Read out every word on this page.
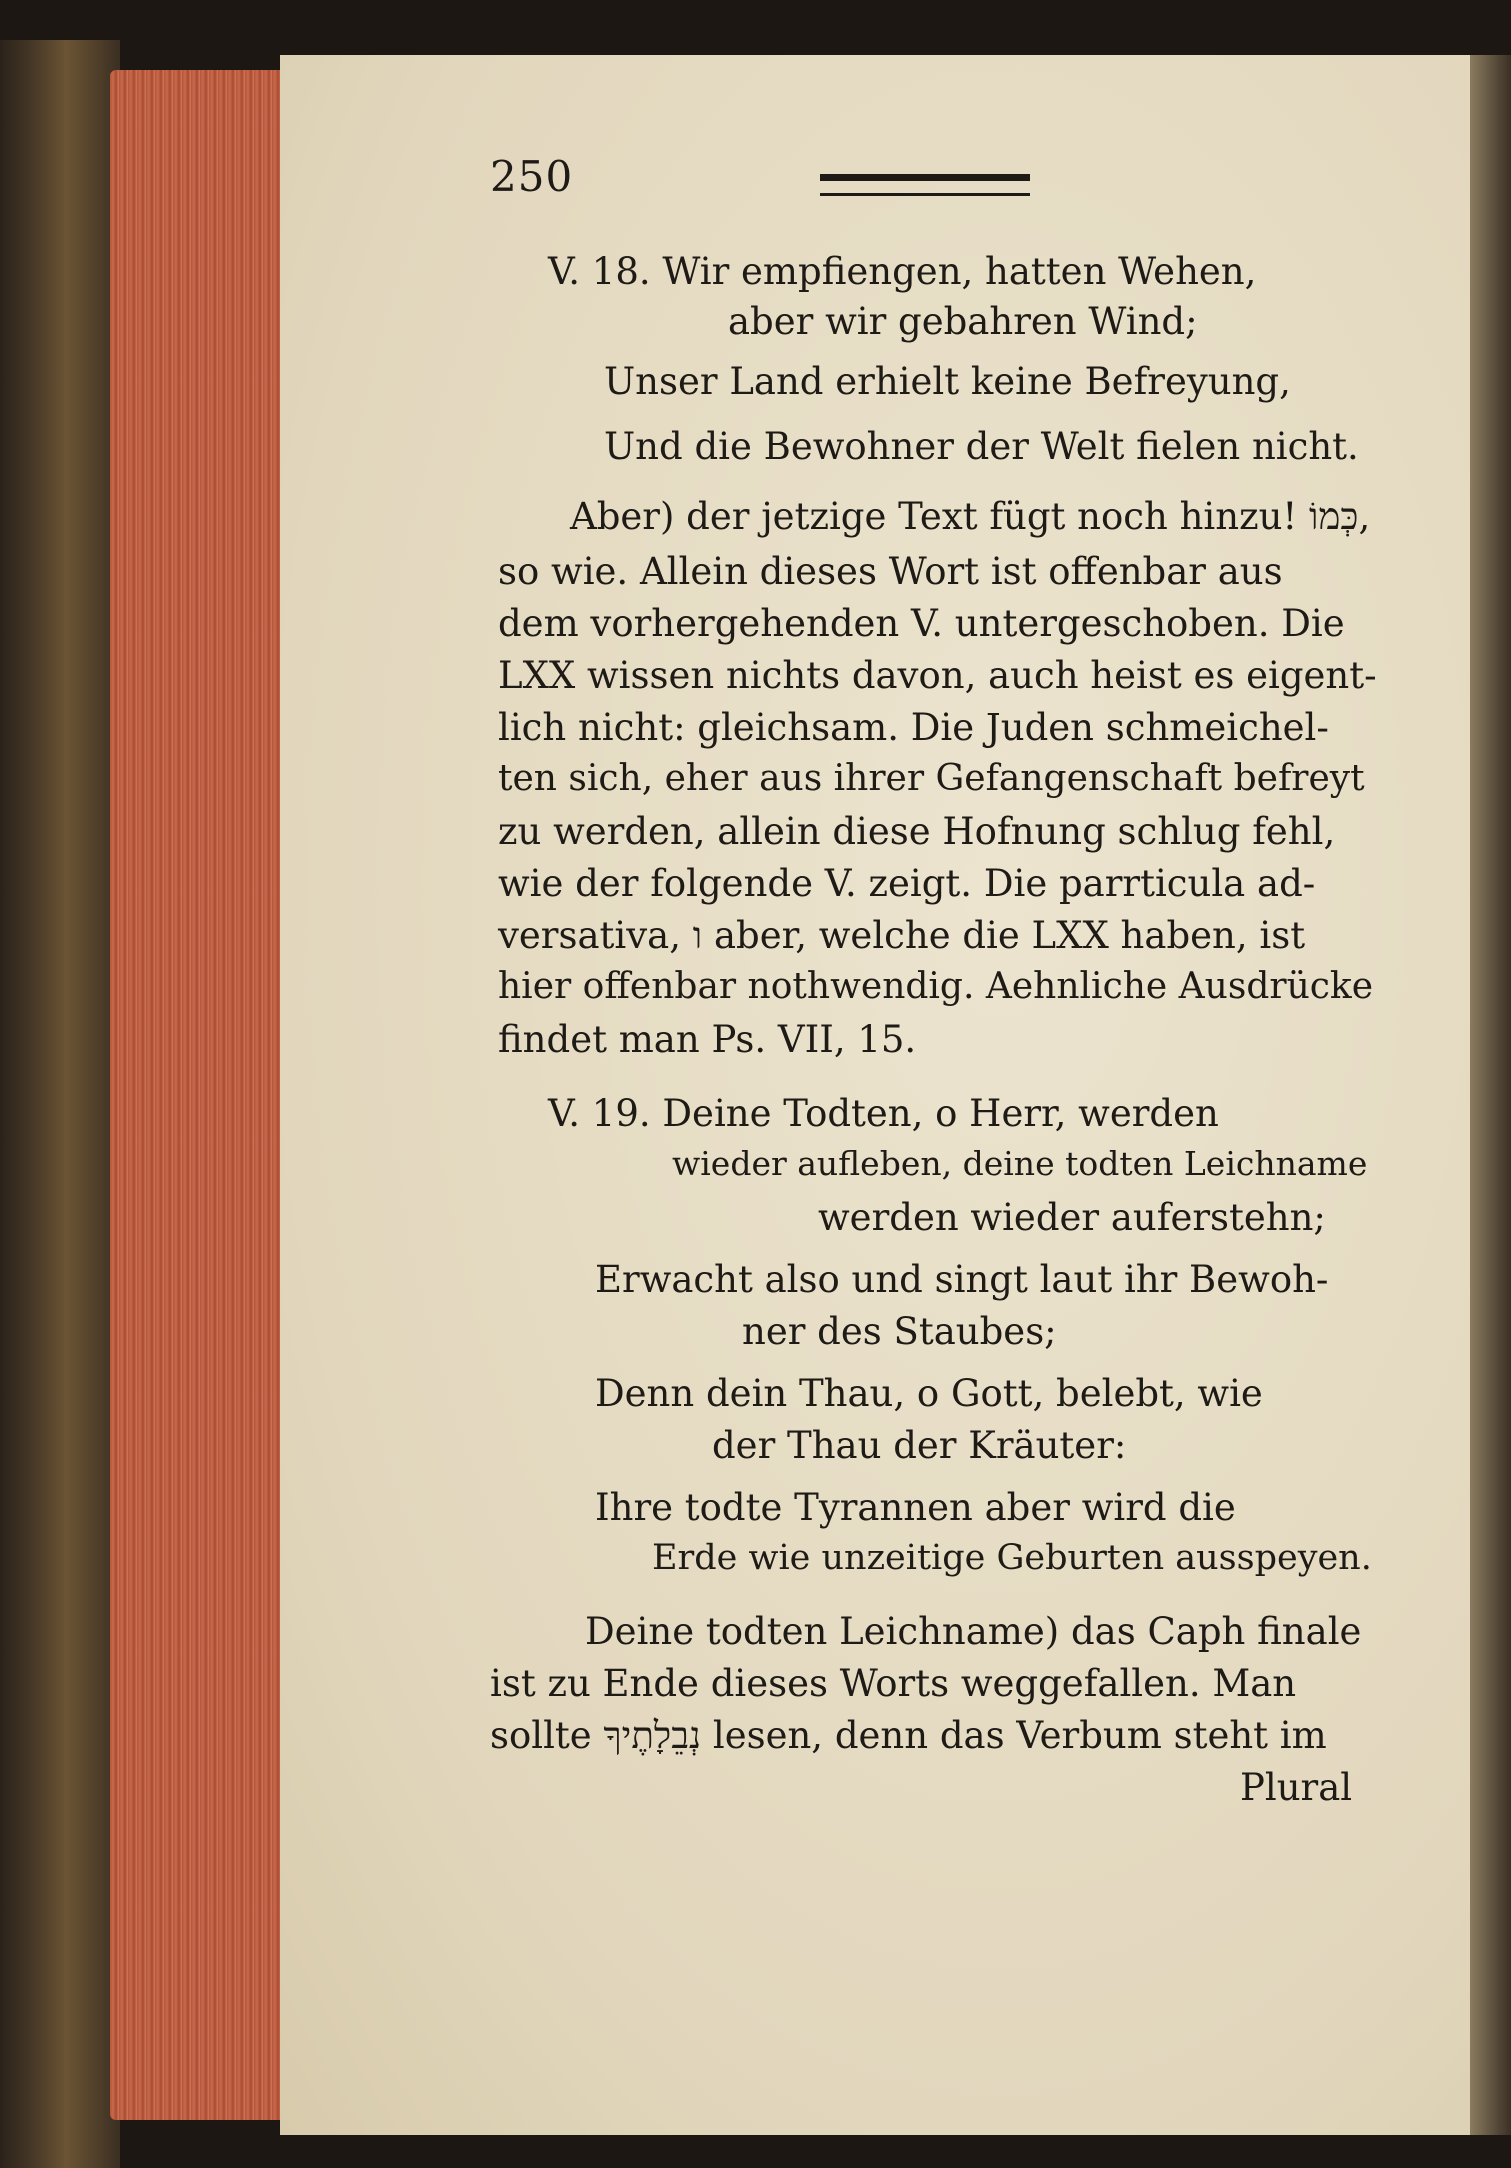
250
V. 18. Wir empfiengen, hatten Wehen,
aber wir gebahren Wind;
Unser Land erhielt keine Befreyung,
Und die Bewohner der Welt fielen nicht.
Aber) der jetzige Text fügt noch hinzu! כְּמוֹ,
so wie. Allein dieses Wort ist offenbar aus
dem vorhergehenden V. untergeschoben. Die
LXX wissen nichts davon, auch heist es eigent-
lich nicht: gleichsam. Die Juden schmeichel-
ten sich, eher aus ihrer Gefangenschaft befreyt
zu werden, allein diese Hofnung schlug fehl,
wie der folgende V. zeigt. Die parrticula ad-
versativa, ו aber, welche die LXX haben, ist
hier offenbar nothwendig. Aehnliche Ausdrücke
findet man Ps. VII, 15.
V. 19. Deine Todten, o Herr, werden
wieder aufleben, deine todten Leichname
werden wieder auferstehn;
Erwacht also und singt laut ihr Bewoh-
ner des Staubes;
Denn dein Thau, o Gott, belebt, wie
der Thau der Kräuter:
Ihre todte Tyrannen aber wird die
Erde wie unzeitige Geburten ausspeyen.
Deine todten Leichname) das Caph finale
ist zu Ende dieses Worts weggefallen. Man
sollte נְבֵלָתֶיךָ lesen, denn das Verbum steht im
Plural
